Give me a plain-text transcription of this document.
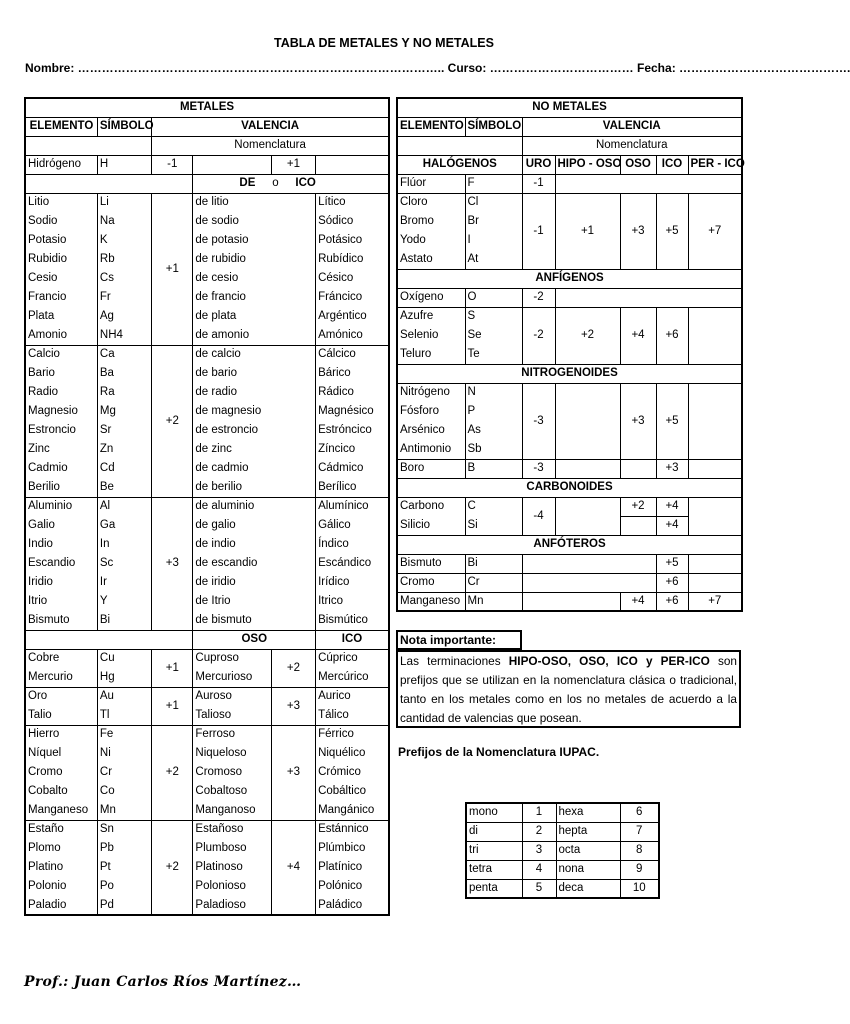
TABLA DE METALES Y NO METALES
Nombre: ……………………………………………………………………………….. Curso: ……………………………… Fecha: …………………………………….
METALES					
ELEMENTO	SÍMBOLO	VALENCIA			
		Nomenclatura			
Hidrógeno	H	-1		+1	
			DE o ICO		
Litio	Li	+1	de litio		Lítico
Sodio	Na		de sodio		Sódico
Potasio	K		de potasio		Potásico
Rubidio	Rb		de rubidio		Rubídico
Cesio	Cs		de cesio		Césico
Francio	Fr		de francio		Fráncico
Plata	Ag		de plata		Argéntico
Amonio	NH4		de amonio		Amónico
Calcio	Ca	+2	de calcio		Cálcico
Bario	Ba		de bario		Bárico
Radio	Ra		de radio		Rádico
Magnesio	Mg		de magnesio		Magnésico
Estroncio	Sr		de estroncio		Estróncico
Zinc	Zn		de zinc		Zíncico
Cadmio	Cd		de cadmio		Cádmico
Berilio	Be		de berilio		Berílico
Aluminio	Al	+3	de aluminio		Alumínico
Galio	Ga		de galio		Gálico
Indio	In		de indio		Índico
Escandio	Sc		de escandio		Escándico
Iridio	Ir		de iridio		Irídico
Itrio	Y		de Itrio		Itrico
Bismuto	Bi		de bismuto		Bismútico
			OSO		ICO
Cobre	Cu	+1	Cuproso	+2	Cúprico
Mercurio	Hg		Mercurioso		Mercúrico
Oro	Au	+1	Auroso	+3	Aurico
Talio	Tl		Talioso		Tálico
Hierro	Fe	+2	Ferroso	+3	Férrico
Níquel	Ni		Niqueloso		Niquélico
Cromo	Cr		Cromoso		Crómico
Cobalto	Co		Cobaltoso		Cobáltico
Manganeso	Mn		Manganoso		Mangánico
Estaño	Sn	+2	Estañoso	+4	Estánnico
Plomo	Pb		Plumboso		Plúmbico
Platino	Pt		Platinoso		Platínico
Polonio	Po		Polonioso		Polónico
Paladio	Pd		Paladioso		Paládico
NO METALES						
ELEMENTO	SÍMBOLO	VALENCIA				
		Nomenclatura				
HALÓGENOS		URO	HIPO - OSO	OSO	ICO	PER - ICO
Flúor	F	-1				
Cloro	Cl	-1	+1	+3	+5	+7
Bromo	Br					
Yodo	I					
Astato	At					
ANFÍGENOS						
Oxígeno	O	-2				
Azufre	S	-2	+2	+4	+6	
Selenio	Se					
Teluro	Te					
NITROGENOIDES						
Nitrógeno	N	-3		+3	+5	
Fósforo	P					
Arsénico	As					
Antimonio	Sb					
Boro	B	-3			+3	
CARBONOIDES						
Carbono	C	-4		+2	+4	
Silicio	Si				+4	
ANFÓTEROS						
Bismuto	Bi				+5	
Cromo	Cr				+6	
Manganeso	Mn			+4	+6	+7
Nota importante:
Las terminaciones HIPO-OSO, OSO, ICO y PER-ICO son prefijos que se utilizan en la nomenclatura clásica o tradicional, tanto en los metales como en los no metales de acuerdo a la cantidad de valencias que posean.
Prefijos de la Nomenclatura IUPAC.
mono	1	hexa	6
di	2	hepta	7
tri	3	octa	8
tetra	4	nona	9
penta	5	deca	10
Prof.: Juan Carlos Ríos Martínez…
